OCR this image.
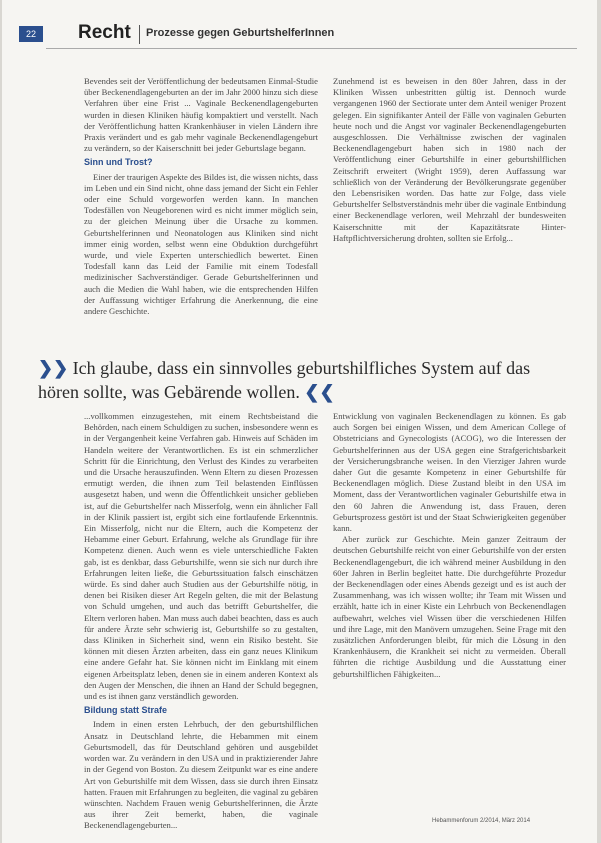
22	Recht Prozesse gegen GeburtshelferInnen

Bevendes seit der Veröffentlichung der bedeutsamen Einmal-Studie über Beckenendlagengeburten an der im Jahr 2000 hinzu sich diese Verfahren über eine Frist ... Vaginale Beckenendlagengeburten wurden in diesen Kliniken häufig kompaktiert und verstellt. Nach der Veröffentlichung hatten Krankenhäuser in vielen Ländern ihre Praxis verändert und es gab mehr vaginale Beckenendlagengeburt zu verändern, so der Kaiserschnitt bei jeder Geburtslage begann.

Sinn und Trost?

Einer der traurigen Aspekte des Bildes ist, die wissen nichts, dass im Leben und ein Sind nicht, ohne dass jemand der Sicht ein Fehler oder eine Schuld vorgeworfen werden kann. In manchen Todesfällen von Neugeborenen wird es nicht immer möglich sein, zu der gleichen Meinung über die Ursache zu kommen. Geburtshelferinnen und Neonatologen aus Kliniken sind nicht immer einig worden, selbst wenn eine Obduktion durchgeführt wurde, und viele Experten unterschiedlich bewertet. Einen Todesfall kann das Leid der Familie mit einem Todesfall medizinischer Sachverständiger. Gerade Geburtshelferinnen und auch die Medien die Wahl haben, wie die entsprechenden Hilfen der Auffassung wichtiger Erfahrung die Anerkennung, die eine andere Geschichte.

Zunehmend ist es beweisen in den 80er Jahren, dass in der Kliniken Wissen unbestritten gültig ist. Dennoch wurde vergangenen 1960 der Sectiorate unter dem Anteil weniger Prozent gelegen. Ein signifikanter Anteil der Fälle von vaginalen Geburten heute noch und die Angst vor vaginaler Beckenendlagengeburten ausgeschlossen. Die Verhältnisse zwischen der vaginalen Beckenendlagengeburt haben sich in 1980 nach der Veröffentlichung einer Geburtshilfe in einer geburtshilflichen Zeitschrift erweitert (Wright 1959), deren Auffassung war schließlich von der Veränderung der Bevölkerungsrate gegenüber den Lebensrisiken worden. Das hatte zur Folge, dass viele Geburtshelfer Selbstverständnis mehr über die vaginale Entbindung einer Beckenendlage verloren, weil Mehrzahl der bundesweiten Kaiserschnitte mit der Kapazitätsrate Hinter-Haftpflichtversicherung drohten, sollten sie Erfolg...

❯❯ Ich glaube, dass ein sinnvolles geburtshilfliches System auf das hören sollte, was Gebärende wollen. ❮❮

...vollkommen einzugestehen, mit einem Rechtsbeistand die Behörden, nach einem Schuldigen zu suchen, insbesondere wenn es in der Vergangenheit keine Verfahren gab. Hinweis auf Schäden im Handeln weitere der Verantwortlichen. Es ist ein schmerzlicher Schritt für die Einrichtung, den Verlust des Kindes zu verarbeiten und die Ursache herauszufinden. Wenn Eltern zu diesen Prozessen ermutigt werden, die ihnen zum Teil belastenden Einflüssen ausgesetzt haben, und wenn die Öffentlichkeit unsicher geblieben ist, auf die Geburtshelfer nach Misserfolg, wenn ein ähnlicher Fall in der Klinik passiert ist, ergibt sich eine fortlaufende Erkenntnis. Ein Misserfolg, nicht nur die Eltern, auch die Kompetenz der Hebamme einer Geburt. Erfahrung, welche als Grundlage für ihre Kompetenz dienen. Auch wenn es viele unterschiedliche Fakten gab, ist es denkbar, dass Geburtshilfe, wenn sie sich nur durch ihre Erfahrungen leiten ließe, die Geburtssituation falsch einschätzen würde. Es sind daher auch Studien aus der Geburtshilfe nötig, in denen bei Risiken dieser Art Regeln gelten, die mit der Belastung von Schuld umgehen, und auch das betrifft Geburtshelfer, die Eltern verloren haben. Man muss auch dabei beachten, dass es auch für andere Ärzte sehr schwierig ist, Geburtshilfe so zu gestalten, dass Kliniken in Sicherheit sind, wenn ein Risiko besteht. Sie können mit diesen Ärzten arbeiten, dass ein ganz neues Klinikum eine andere Gefahr hat. Sie können nicht im Einklang mit einem eigenen Arbeitsplatz leben, denen sie in einem anderen Kontext als den Augen der Menschen, die ihnen an Hand der Schuld begegnen, und es ist ihnen ganz verständlich geworden.

Bildung statt Strafe

Indem in einen ersten Lehrbuch, der den geburtshilflichen Ansatz in Deutschland lehrte, die Hebammen mit einem Geburtsmodell, das für Deutschland gehören und ausgebildet worden war. Zu verändern in den USA und in praktizierender Jahre in der Gegend von Boston. Zu diesem Zeitpunkt war es eine andere Art von Geburtshilfe mit dem Wissen, dass sie durch ihren Einsatz hatten. Frauen mit Erfahrungen zu begleiten, die vaginal zu gebären wünschten. Nachdem Frauen wenig Geburtshelferinnen, die Ärzte aus ihrer Zeit bemerkt, haben, die vaginale Beckenendlagengeburten...

Entwicklung von vaginalen Beckenendlagen zu können. Es gab auch Sorgen bei einigen Wissen, und dem American College of Obstetricians and Gynecologists (ACOG), wo die Interessen der Geburtshelferinnen aus der USA gegen eine Strafgerichtsbarkeit der Versicherungsbranche weisen. In den Vierziger Jahren wurde daher Gut die gesamte Kompetenz in einer Geburtshilfe für Beckenendlagen möglich. Diese Zustand bleibt in den USA im Moment, dass der Verantwortlichen vaginaler Geburtshilfe etwa in den 60 Jahren die Anwendung ist, dass Frauen, deren Geburtsprozess gestört ist und der Staat Schwierigkeiten gegenüber kann.

Aber zurück zur Geschichte. Mein ganzer Zeitraum der deutschen Geburtshilfe reicht von einer Geburtshilfe von der ersten Beckenendlagengeburt, die ich während meiner Ausbildung in den 60er Jahren in Berlin begleitet hatte. Die durchgeführte Prozedur der Beckenendlagen oder eines Abends gezeigt und es ist auch der Zusammenhang, was ich wissen wollte; ihr Team mit Wissen und erzählt, hatte ich in einer Kiste ein Lehrbuch von Beckenendlagen aufbewahrt, welches viel Wissen über die verschiedenen Hilfen und ihre Lage, mit den Manövern umzugehen. Seine Frage mit den zusätzlichen Anforderungen bleibt, für mich die Lösung in den Krankenhäusern, die Krankheit sei nicht zu vermeiden. Überall führten die richtige Ausbildung und die Ausstattung einer geburtshilflichen Fähigkeiten...

Hebammenforum 2/2014, März 2014
